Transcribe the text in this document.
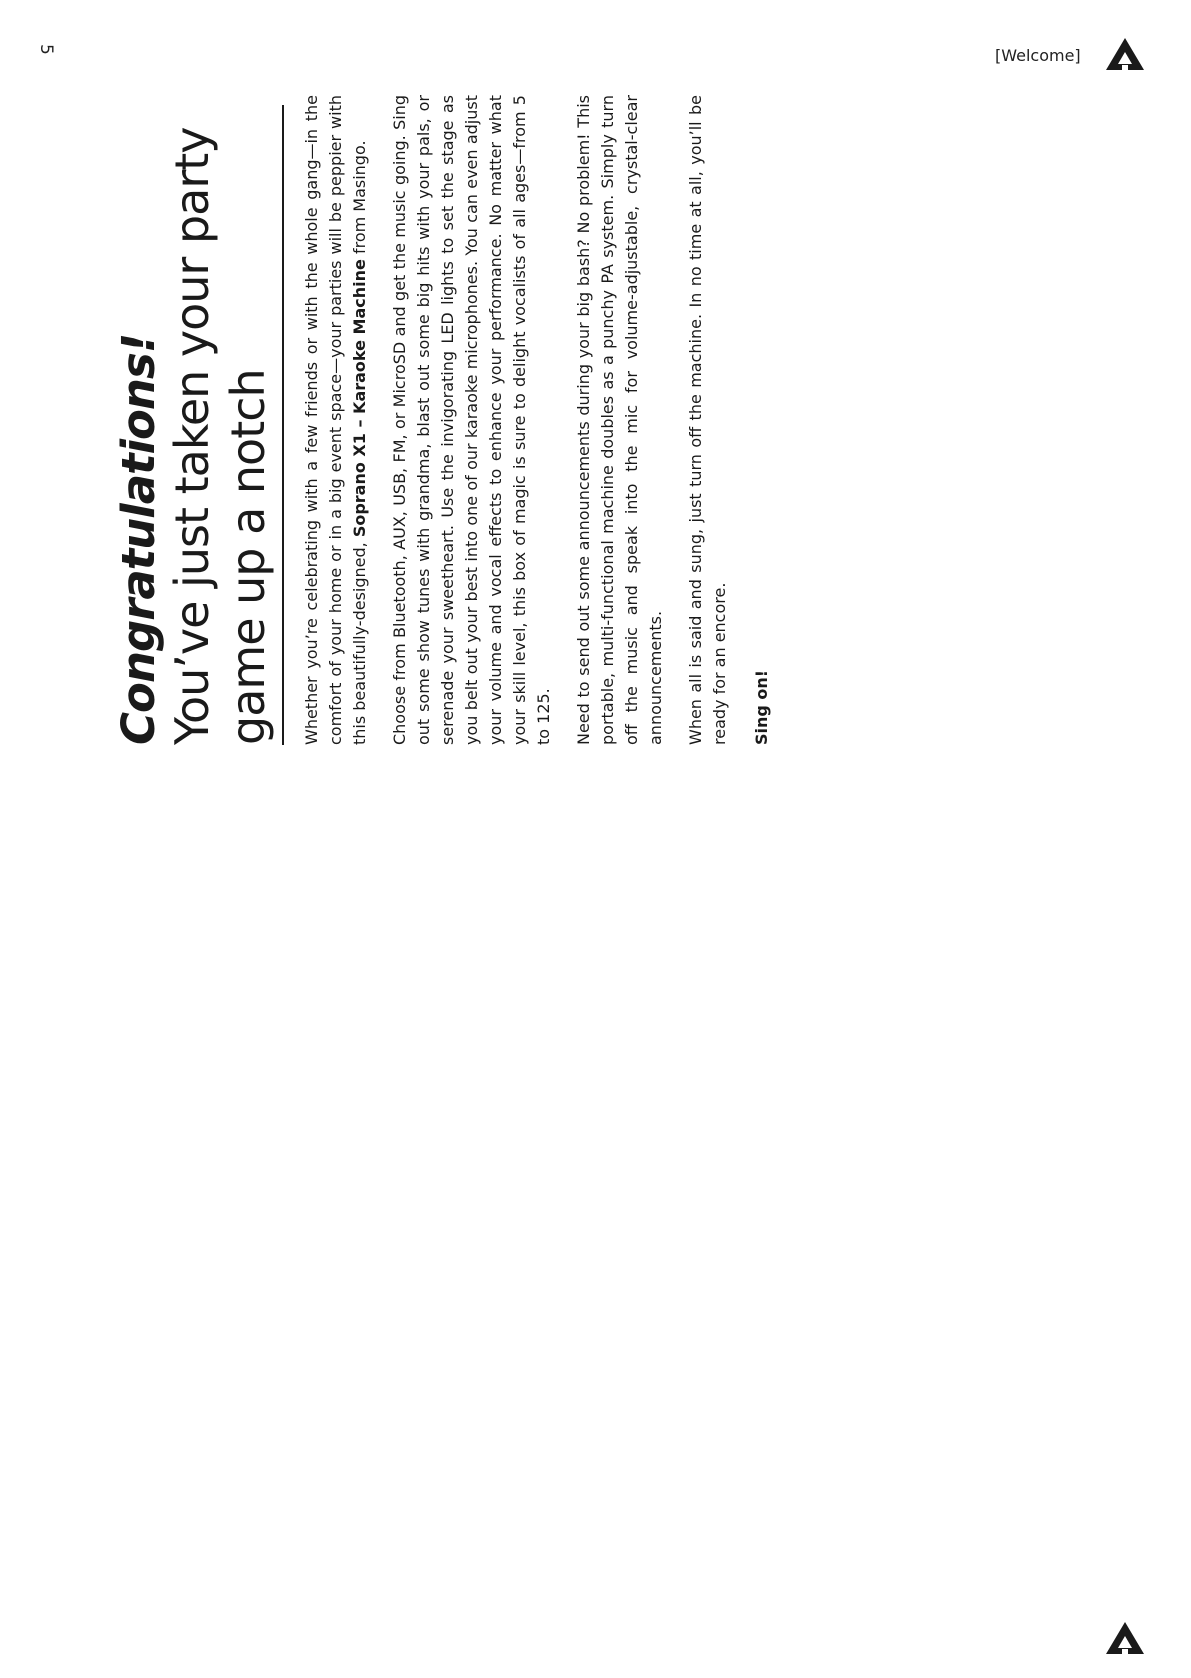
5	[Welcome]
Congratulations! You’ve just taken your party game up a notch	Whether you’re celebrating with a few friends or with the whole gang—in the comfort of your home or in a big event space—your parties will be peppier with this beautifully-designed, Soprano X1 – Karaoke Machine from Masingo. Choose from Bluetooth, AUX, USB, FM, or MicroSD and get the music going. Sing out some show tunes with grandma, blast out some big hits with your pals, or serenade your sweetheart. Use the invigorating LED lights to set the stage as you belt out your best into one of our karaoke microphones. You can even adjust your volume and vocal effects to enhance your performance. No matter what your skill level, this box of magic is sure to delight vocalists of all ages—from 5 to 125. Need to send out some announcements during your big bash? No problem! This portable, multi-functional machine doubles as a punchy PA system. Simply turn off the music and speak into the mic for volume-adjustable, crystal-clear announcements. When all is said and sung, just turn off the machine. In no time at all, you’ll be ready for an encore. Sing on!
